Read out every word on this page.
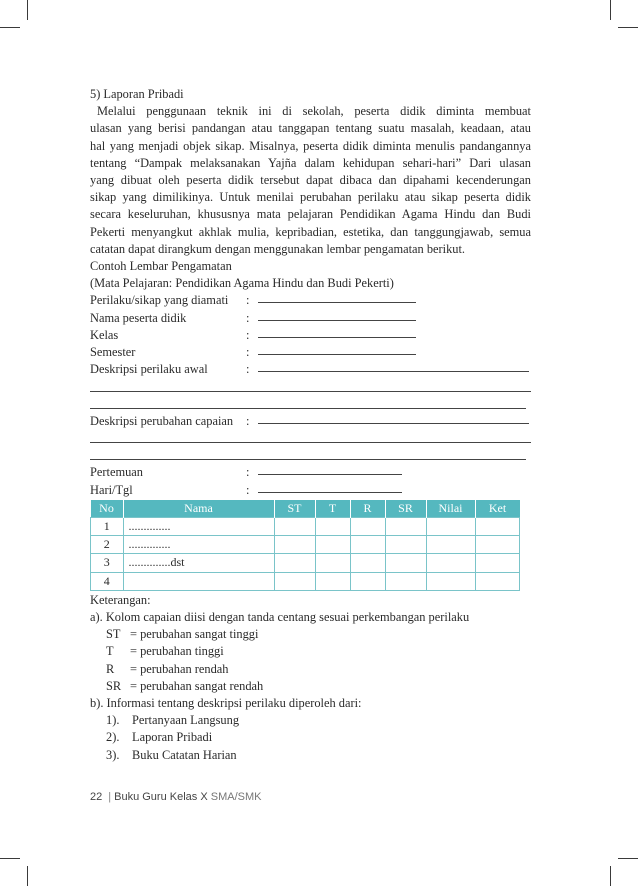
5) Laporan Pribadi
Melalui penggunaan teknik ini di sekolah, peserta didik diminta membuat
ulasan yang berisi pandangan atau tanggapan tentang suatu masalah, keadaan, atau
hal yang menjadi objek sikap. Misalnya, peserta didik diminta menulis pandangannya
tentang “Dampak melaksanakan Yajña dalam kehidupan sehari-hari” Dari ulasan
yang dibuat oleh peserta didik tersebut dapat dibaca dan dipahami kecenderungan
sikap yang dimilikinya. Untuk menilai perubahan perilaku atau sikap peserta didik
secara keseluruhan, khususnya mata pelajaran Pendidikan Agama Hindu dan Budi
Pekerti menyangkut akhlak mulia, kepribadian, estetika, dan tanggungjawab, semua
catatan dapat dirangkum dengan menggunakan lembar pengamatan berikut.
Contoh Lembar Pengamatan
(Mata Pelajaran: Pendidikan Agama Hindu dan Budi Pekerti)
Perilaku/sikap yang diamati	:
Nama peserta didik	:
Kelas	:
Semester	:
Deskripsi perilaku awal	:
Deskripsi perubahan capaian	:
Pertemuan	:
Hari/Tgl	:
No	Nama	ST	T	R	SR	Nilai	Ket
1	..............						
2	..............						
3	..............dst						
4							
Keterangan:
a). Kolom capaian diisi dengan tanda centang sesuai perkembangan perilaku
ST = perubahan sangat tinggi
T = perubahan tinggi
R = perubahan rendah
SR = perubahan sangat rendah
b). Informasi tentang deskripsi perilaku diperoleh dari:
1). Pertanyaan Langsung
2). Laporan Pribadi
3). Buku Catatan Harian
22 | Buku Guru Kelas X SMA/SMK
